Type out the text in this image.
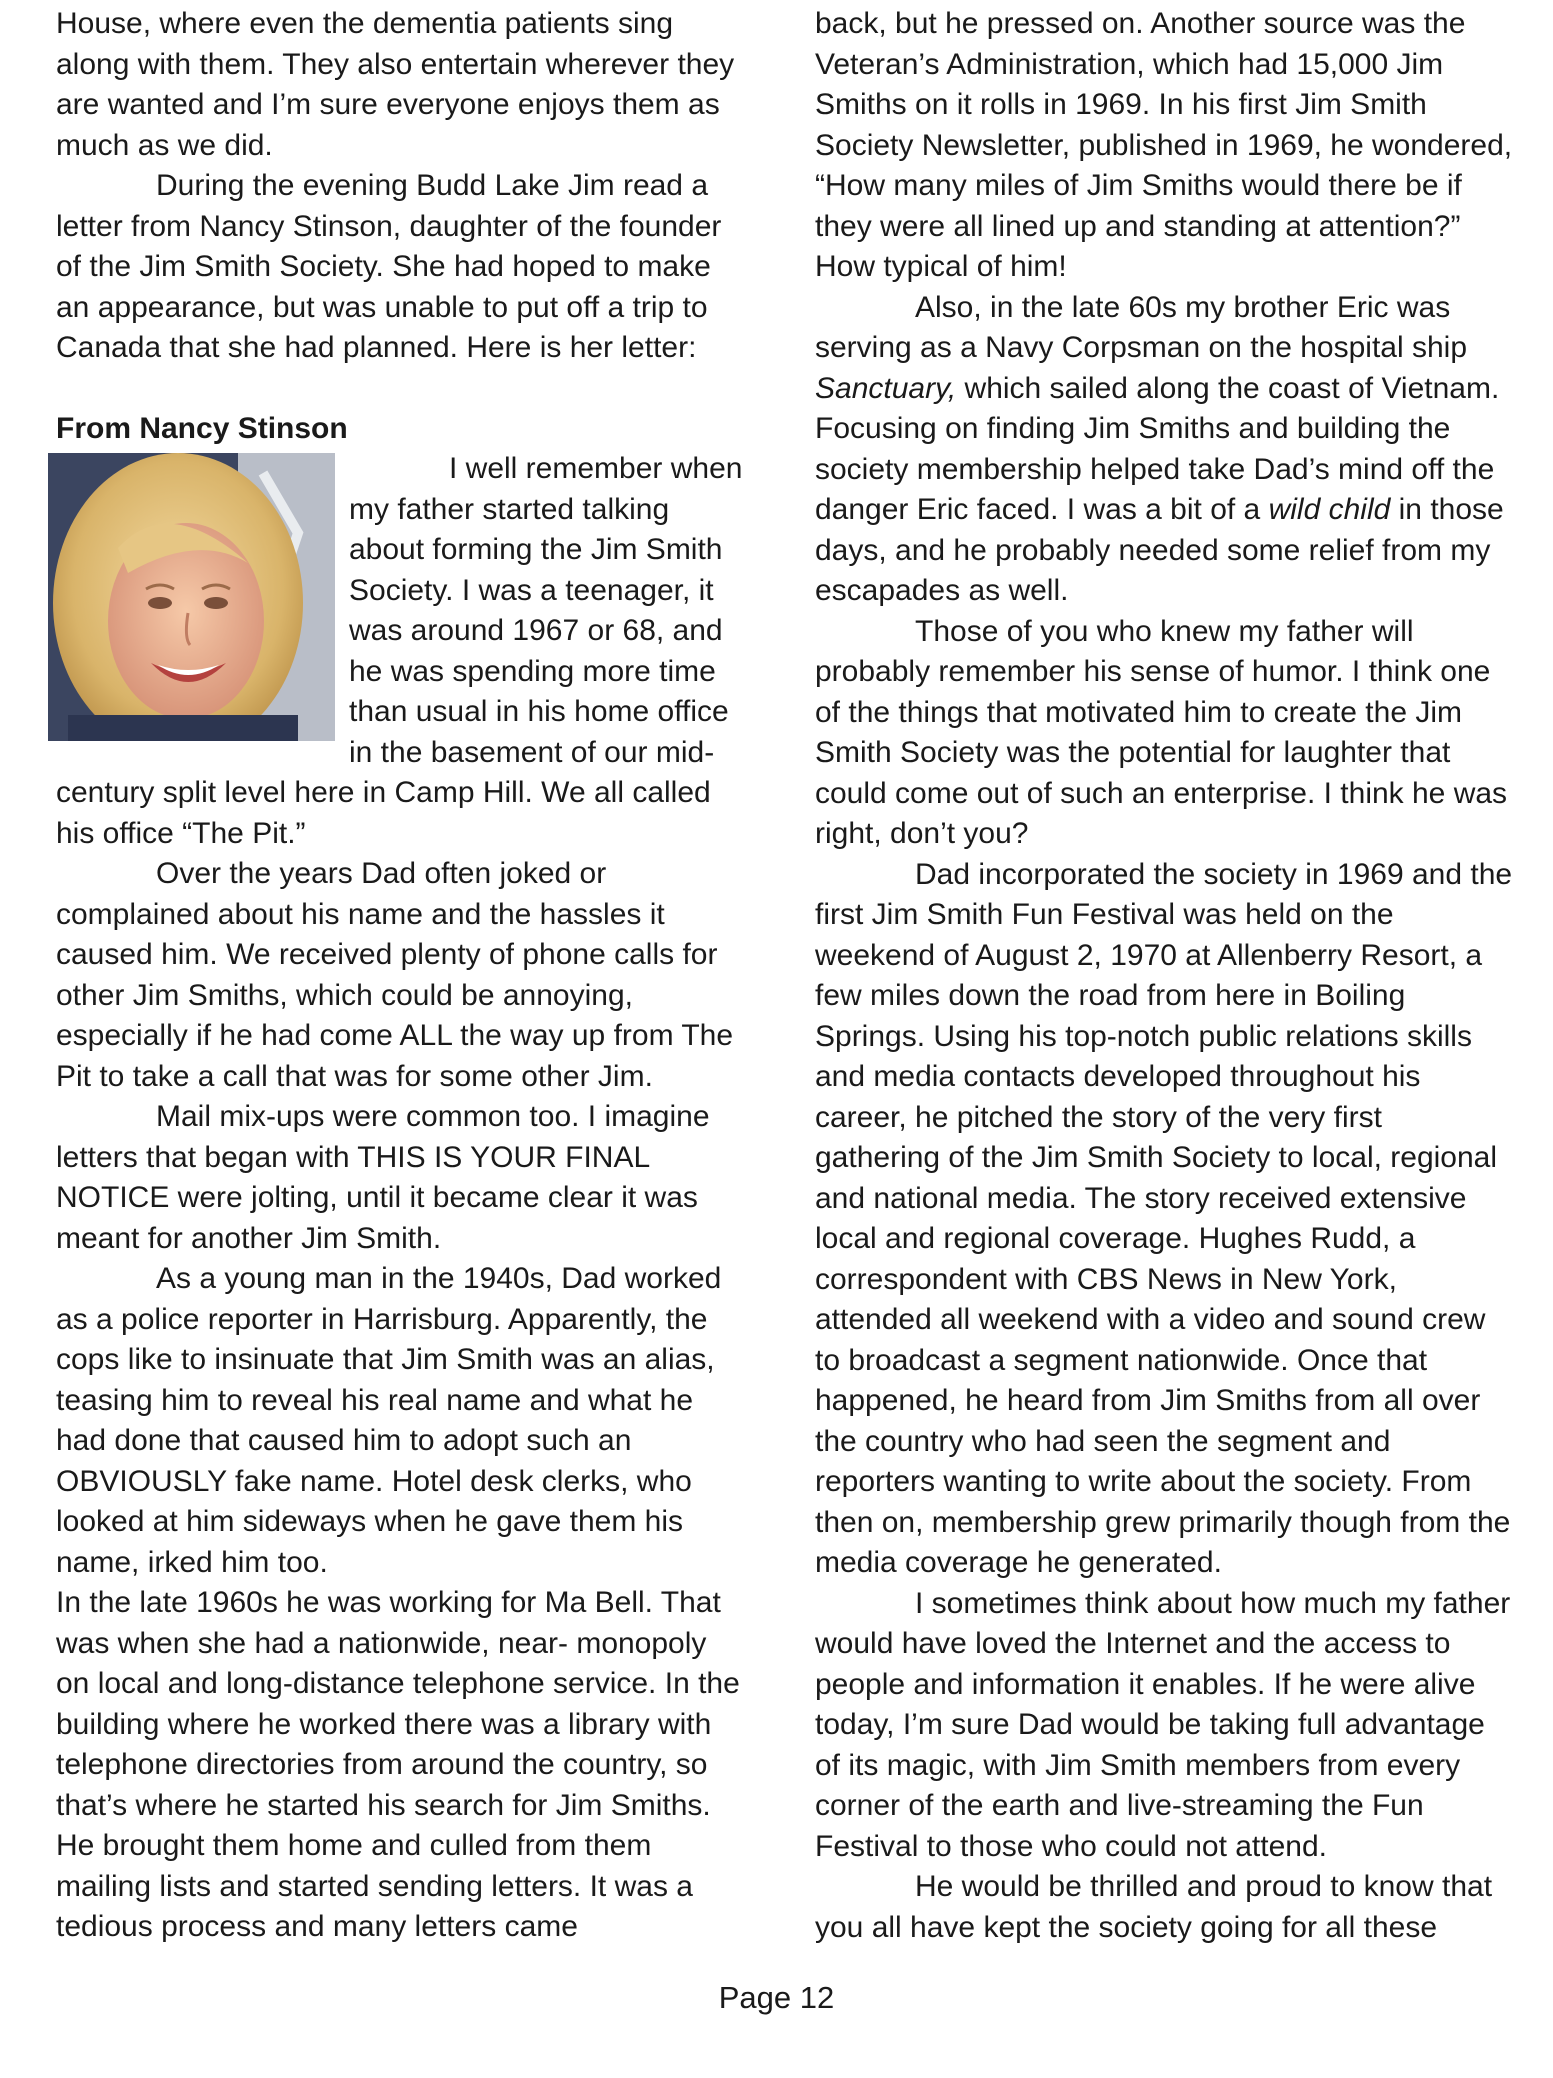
House, where even the dementia patients sing along with them. They also entertain wherever they are wanted and I’m sure everyone enjoys them as much as we did.

During the evening Budd Lake Jim read a letter from Nancy Stinson, daughter of the founder of the Jim Smith Society. She had hoped to make an appearance, but was unable to put off a trip to Canada that she had planned. Here is her letter:

From Nancy Stinson

I well remember when my father started talking about forming the Jim Smith Society. I was a teenager, it was around 1967 or 68, and he was spending more time than usual in his home office in the basement of our mid-century split level here in Camp Hill. We all called his office “The Pit.”

Over the years Dad often joked or complained about his name and the hassles it caused him. We received plenty of phone calls for other Jim Smiths, which could be annoying, especially if he had come ALL the way up from The Pit to take a call that was for some other Jim.

Mail mix-ups were common too. I imagine letters that began with THIS IS YOUR FINAL NOTICE were jolting, until it became clear it was meant for another Jim Smith.

As a young man in the 1940s, Dad worked as a police reporter in Harrisburg. Apparently, the cops like to insinuate that Jim Smith was an alias, teasing him to reveal his real name and what he had done that caused him to adopt such an OBVIOUSLY fake name. Hotel desk clerks, who looked at him sideways when he gave them his name, irked him too.

In the late 1960s he was working for Ma Bell. That was when she had a nationwide, near- monopoly on local and long-distance telephone service. In the building where he worked there was a library with telephone directories from around the country, so that’s where he started his search for Jim Smiths. He brought them home and culled from them mailing lists and started sending letters. It was a tedious process and many letters came

back, but he pressed on. Another source was the Veteran’s Administration, which had 15,000 Jim Smiths on it rolls in 1969. In his first Jim Smith Society Newsletter, published in 1969, he wondered, “How many miles of Jim Smiths would there be if they were all lined up and standing at attention?” How typical of him!

Also, in the late 60s my brother Eric was serving as a Navy Corpsman on the hospital ship Sanctuary, which sailed along the coast of Vietnam. Focusing on finding Jim Smiths and building the society membership helped take Dad’s mind off the danger Eric faced. I was a bit of a wild child in those days, and he probably needed some relief from my escapades as well.

Those of you who knew my father will probably remember his sense of humor. I think one of the things that motivated him to create the Jim Smith Society was the potential for laughter that could come out of such an enterprise. I think he was right, don’t you?

Dad incorporated the society in 1969 and the first Jim Smith Fun Festival was held on the weekend of August 2, 1970 at Allenberry Resort, a few miles down the road from here in Boiling Springs. Using his top-notch public relations skills and media contacts developed throughout his career, he pitched the story of the very first gathering of the Jim Smith Society to local, regional and national media. The story received extensive local and regional coverage. Hughes Rudd, a correspondent with CBS News in New York, attended all weekend with a video and sound crew to broadcast a segment nationwide. Once that happened, he heard from Jim Smiths from all over the country who had seen the segment and reporters wanting to write about the society. From then on, membership grew primarily though from the media coverage he generated.

I sometimes think about how much my father would have loved the Internet and the access to people and information it enables. If he were alive today, I’m sure Dad would be taking full advantage of its magic, with Jim Smith members from every corner of the earth and live-streaming the Fun Festival to those who could not attend.

He would be thrilled and proud to know that you all have kept the society going for all these

Page 12
